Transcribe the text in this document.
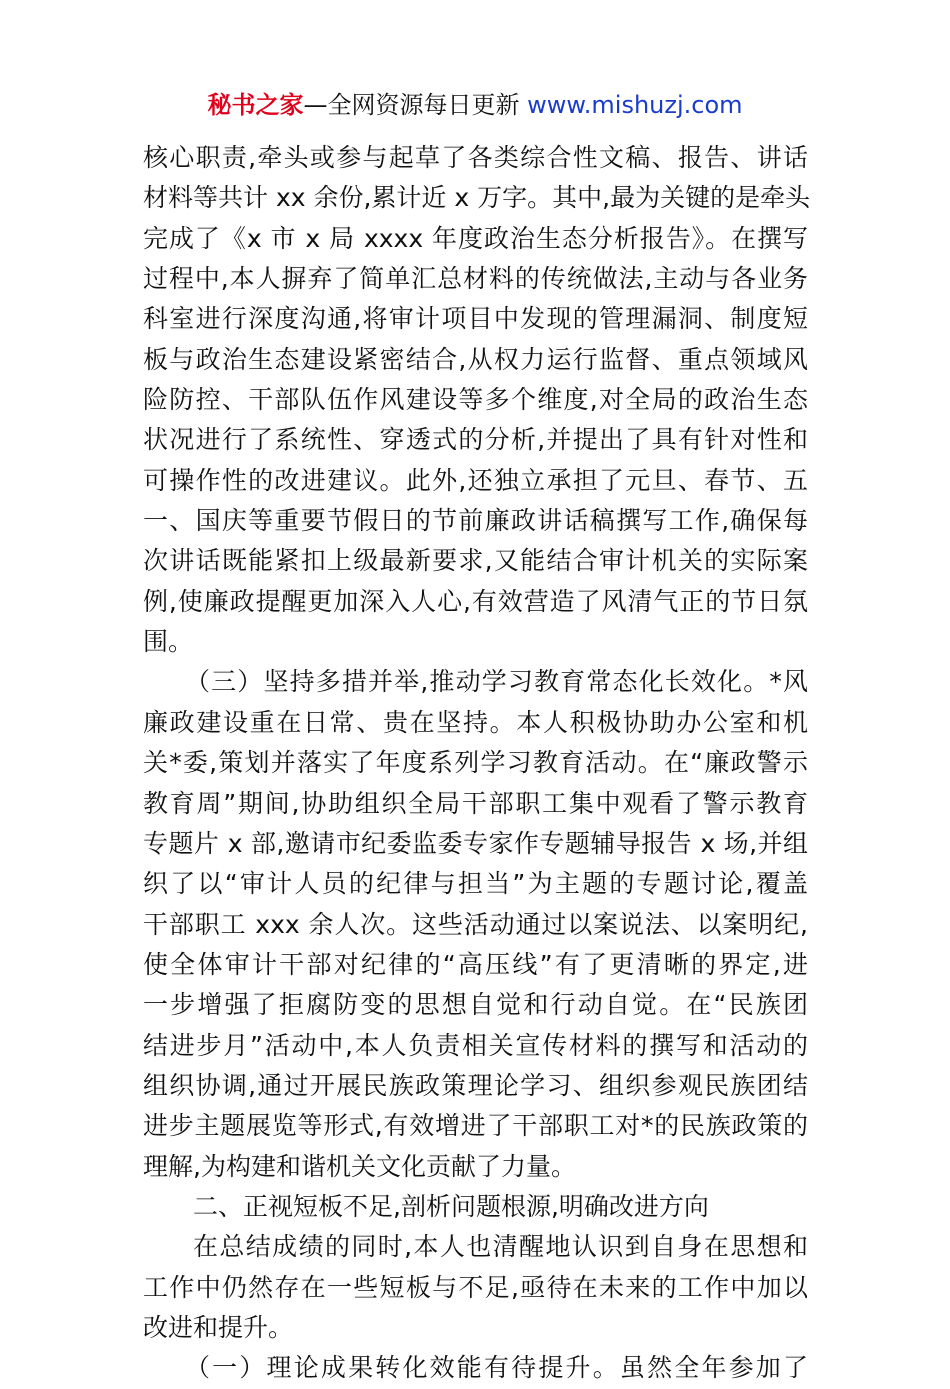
秘书之家—全网资源每日更新 www.mishuzj.com
核心职责,牵头或参与起草了各类综合性文稿、报告、讲话
材料等共计 xx 余份,累计近 x 万字。其中,最为关键的是牵头
完成了《x 市 x 局 xxxx 年度政治生态分析报告》。在撰写
过程中,本人摒弃了简单汇总材料的传统做法,主动与各业务
科室进行深度沟通,将审计项目中发现的管理漏洞、制度短
板与政治生态建设紧密结合,从权力运行监督、重点领域风
险防控、干部队伍作风建设等多个维度,对全局的政治生态
状况进行了系统性、穿透式的分析,并提出了具有针对性和
可操作性的改进建议。此外,还独立承担了元旦、春节、五
一、国庆等重要节假日的节前廉政讲话稿撰写工作,确保每
次讲话既能紧扣上级最新要求,又能结合审计机关的实际案
例,使廉政提醒更加深入人心,有效营造了风清气正的节日氛
围。
（三）坚持多措并举,推动学习教育常态化长效化。*风
廉政建设重在日常、贵在坚持。本人积极协助办公室和机
关*委,策划并落实了年度系列学习教育活动。在“廉政警示
教育周”期间,协助组织全局干部职工集中观看了警示教育
专题片 x 部,邀请市纪委监委专家作专题辅导报告 x 场,并组
织了以“审计人员的纪律与担当”为主题的专题讨论,覆盖
干部职工 xxx 余人次。这些活动通过以案说法、以案明纪,
使全体审计干部对纪律的“高压线”有了更清晰的界定,进
一步增强了拒腐防变的思想自觉和行动自觉。在“民族团
结进步月”活动中,本人负责相关宣传材料的撰写和活动的
组织协调,通过开展民族政策理论学习、组织参观民族团结
进步主题展览等形式,有效增进了干部职工对*的民族政策的
理解,为构建和谐机关文化贡献了力量。
二、正视短板不足,剖析问题根源,明确改进方向
在总结成绩的同时,本人也清醒地认识到自身在思想和
工作中仍然存在一些短板与不足,亟待在未来的工作中加以
改进和提升。
（一）理论成果转化效能有待提升。虽然全年参加了
